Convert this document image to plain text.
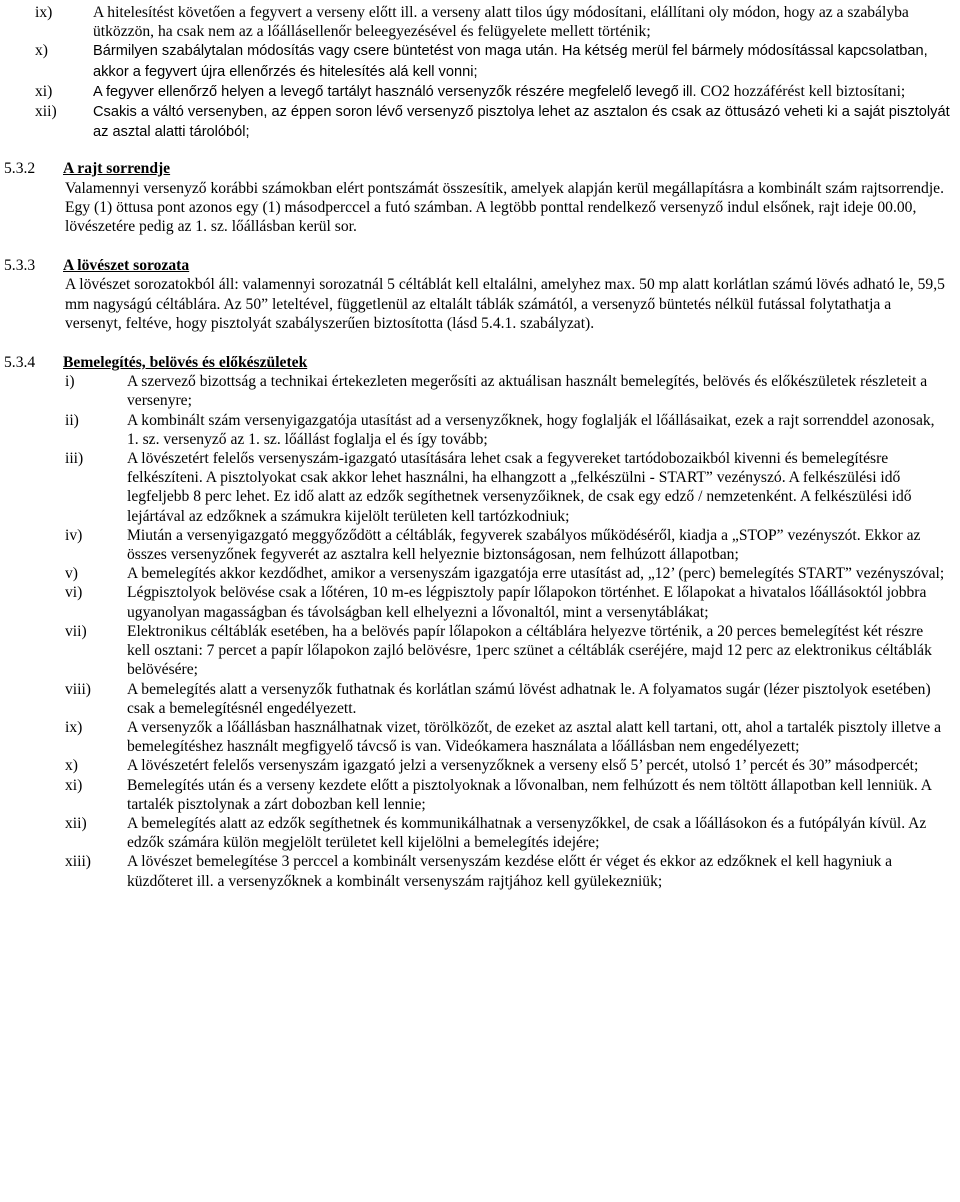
ix)	A hitelesítést követően a fegyvert a verseny előtt ill. a verseny alatt tilos úgy módosítani, elállítani oly módon, hogy az a szabályba ütközzön, ha csak nem az a lőállásellenőr beleegyezésével és felügyelete mellett történik;
x)	Bármilyen szabálytalan módosítás vagy csere büntetést von maga után. Ha kétség merül fel bármely módosítással kapcsolatban, akkor a fegyvert újra ellenőrzés és hitelesítés alá kell vonni;
xi)	A fegyver ellenőrző helyen a levegő tartályt használó versenyzők részére megfelelő levegő ill. CO2 hozzáférést kell biztosítani;
xii)	Csakis a váltó versenyben, az éppen soron lévő versenyző pisztolya lehet az asztalon és csak az öttusázó veheti ki a saját pisztolyát az asztal alatti tárolóból;
5.3.2	A rajt sorrendje
Valamennyi versenyző korábbi számokban elért pontszámát összesítik, amelyek alapján kerül megállapításra a kombinált szám rajtsorrendje. Egy (1) öttusa pont azonos egy (1) másodperccel a futó számban. A legtöbb ponttal rendelkező versenyző indul elsőnek, rajt ideje 00.00, lövészetére pedig az 1. sz. lőállásban kerül sor.
5.3.3	A lövészet sorozata
A lövészet sorozatokból áll: valamennyi sorozatnál 5 céltáblát kell eltalálni, amelyhez max. 50 mp alatt korlátlan számú lövés adható le, 59,5 mm nagyságú céltáblára. Az 50” leteltével, függetlenül az eltalált táblák számától, a versenyző büntetés nélkül futással folytathatja a versenyt, feltéve, hogy pisztolyát szabályszerűen biztosította (lásd 5.4.1. szabályzat).
5.3.4	Bemelegítés, belövés és előkészületek
i)	A szervező bizottság a technikai értekezleten megerősíti az aktuálisan használt bemelegítés, belövés és előkészületek részleteit a versenyre;
ii)	A kombinált szám versenyigazgatója utasítást ad a versenyzőknek, hogy foglalják el lőállásaikat, ezek a rajt sorrenddel azonosak, 1. sz. versenyző az 1. sz. lőállást foglalja el és így tovább;
iii)	A lövészetért felelős versenyszám-igazgató utasítására lehet csak a fegyvereket tartódobozaikból kivenni és bemelegítésre felkészíteni. A pisztolyokat csak akkor lehet használni, ha elhangzott a „felkészülni - START” vezényszó. A felkészülési idő legfeljebb 8 perc lehet. Ez idő alatt az edzők segíthetnek versenyzőiknek, de csak egy edző / nemzetenként. A felkészülési idő lejártával az edzőknek a számukra kijelölt területen kell tartózkodniuk;
iv)	Miután a versenyigazgató meggyőződött a céltáblák, fegyverek szabályos működéséről, kiadja a „STOP” vezényszót. Ekkor az összes versenyzőnek fegyverét az asztalra kell helyeznie biztonságosan, nem felhúzott állapotban;
v)	A bemelegítés akkor kezdődhet, amikor a versenyszám igazgatója erre utasítást ad, „12’ (perc) bemelegítés START” vezényszóval;
vi)	Légpisztolyok belövése csak a lőtéren, 10 m-es légpisztoly papír lőlapokon történhet. E lőlapokat a hivatalos lőállásoktól jobbra ugyanolyan magasságban és távolságban kell elhelyezni a lővonaltól, mint a versenytáblákat;
vii)	Elektronikus céltáblák esetében, ha a belövés papír lőlapokon a céltáblára helyezve történik, a 20 perces bemelegítést két részre kell osztani: 7 percet a papír lőlapokon zajló belövésre, 1perc szünet a céltáblák cseréjére, majd 12 perc az elektronikus céltáblák belövésére;
viii)	A bemelegítés alatt a versenyzők futhatnak és korlátlan számú lövést adhatnak le. A folyamatos sugár (lézer pisztolyok esetében) csak a bemelegítésnél engedélyezett.
ix)	A versenyzők a lőállásban használhatnak vizet, törölközőt, de ezeket az asztal alatt kell tartani, ott, ahol a tartalék pisztoly illetve a bemelegítéshez használt megfigyelő távcső is van. Videókamera használata a lőállásban nem engedélyezett;
x)	A lövészetért felelős versenyszám igazgató jelzi a versenyzőknek a verseny első 5’ percét, utolsó 1’ percét és 30” másodpercét;
xi)	Bemelegítés után és a verseny kezdete előtt a pisztolyoknak a lővonalban, nem felhúzott és nem töltött állapotban kell lenniük. A tartalék pisztolynak a zárt dobozban kell lennie;
xii)	A bemelegítés alatt az edzők segíthetnek és kommunikálhatnak a versenyzőkkel, de csak a lőállásokon és a futópályán kívül. Az edzők számára külön megjelölt területet kell kijelölni a bemelegítés idejére;
xiii)	A lövészet bemelegítése 3 perccel a kombinált versenyszám kezdése előtt ér véget és ekkor az edzőknek el kell hagyniuk a küzdőteret ill. a versenyzőknek a kombinált versenyszám rajtjához kell gyülekezniük;
